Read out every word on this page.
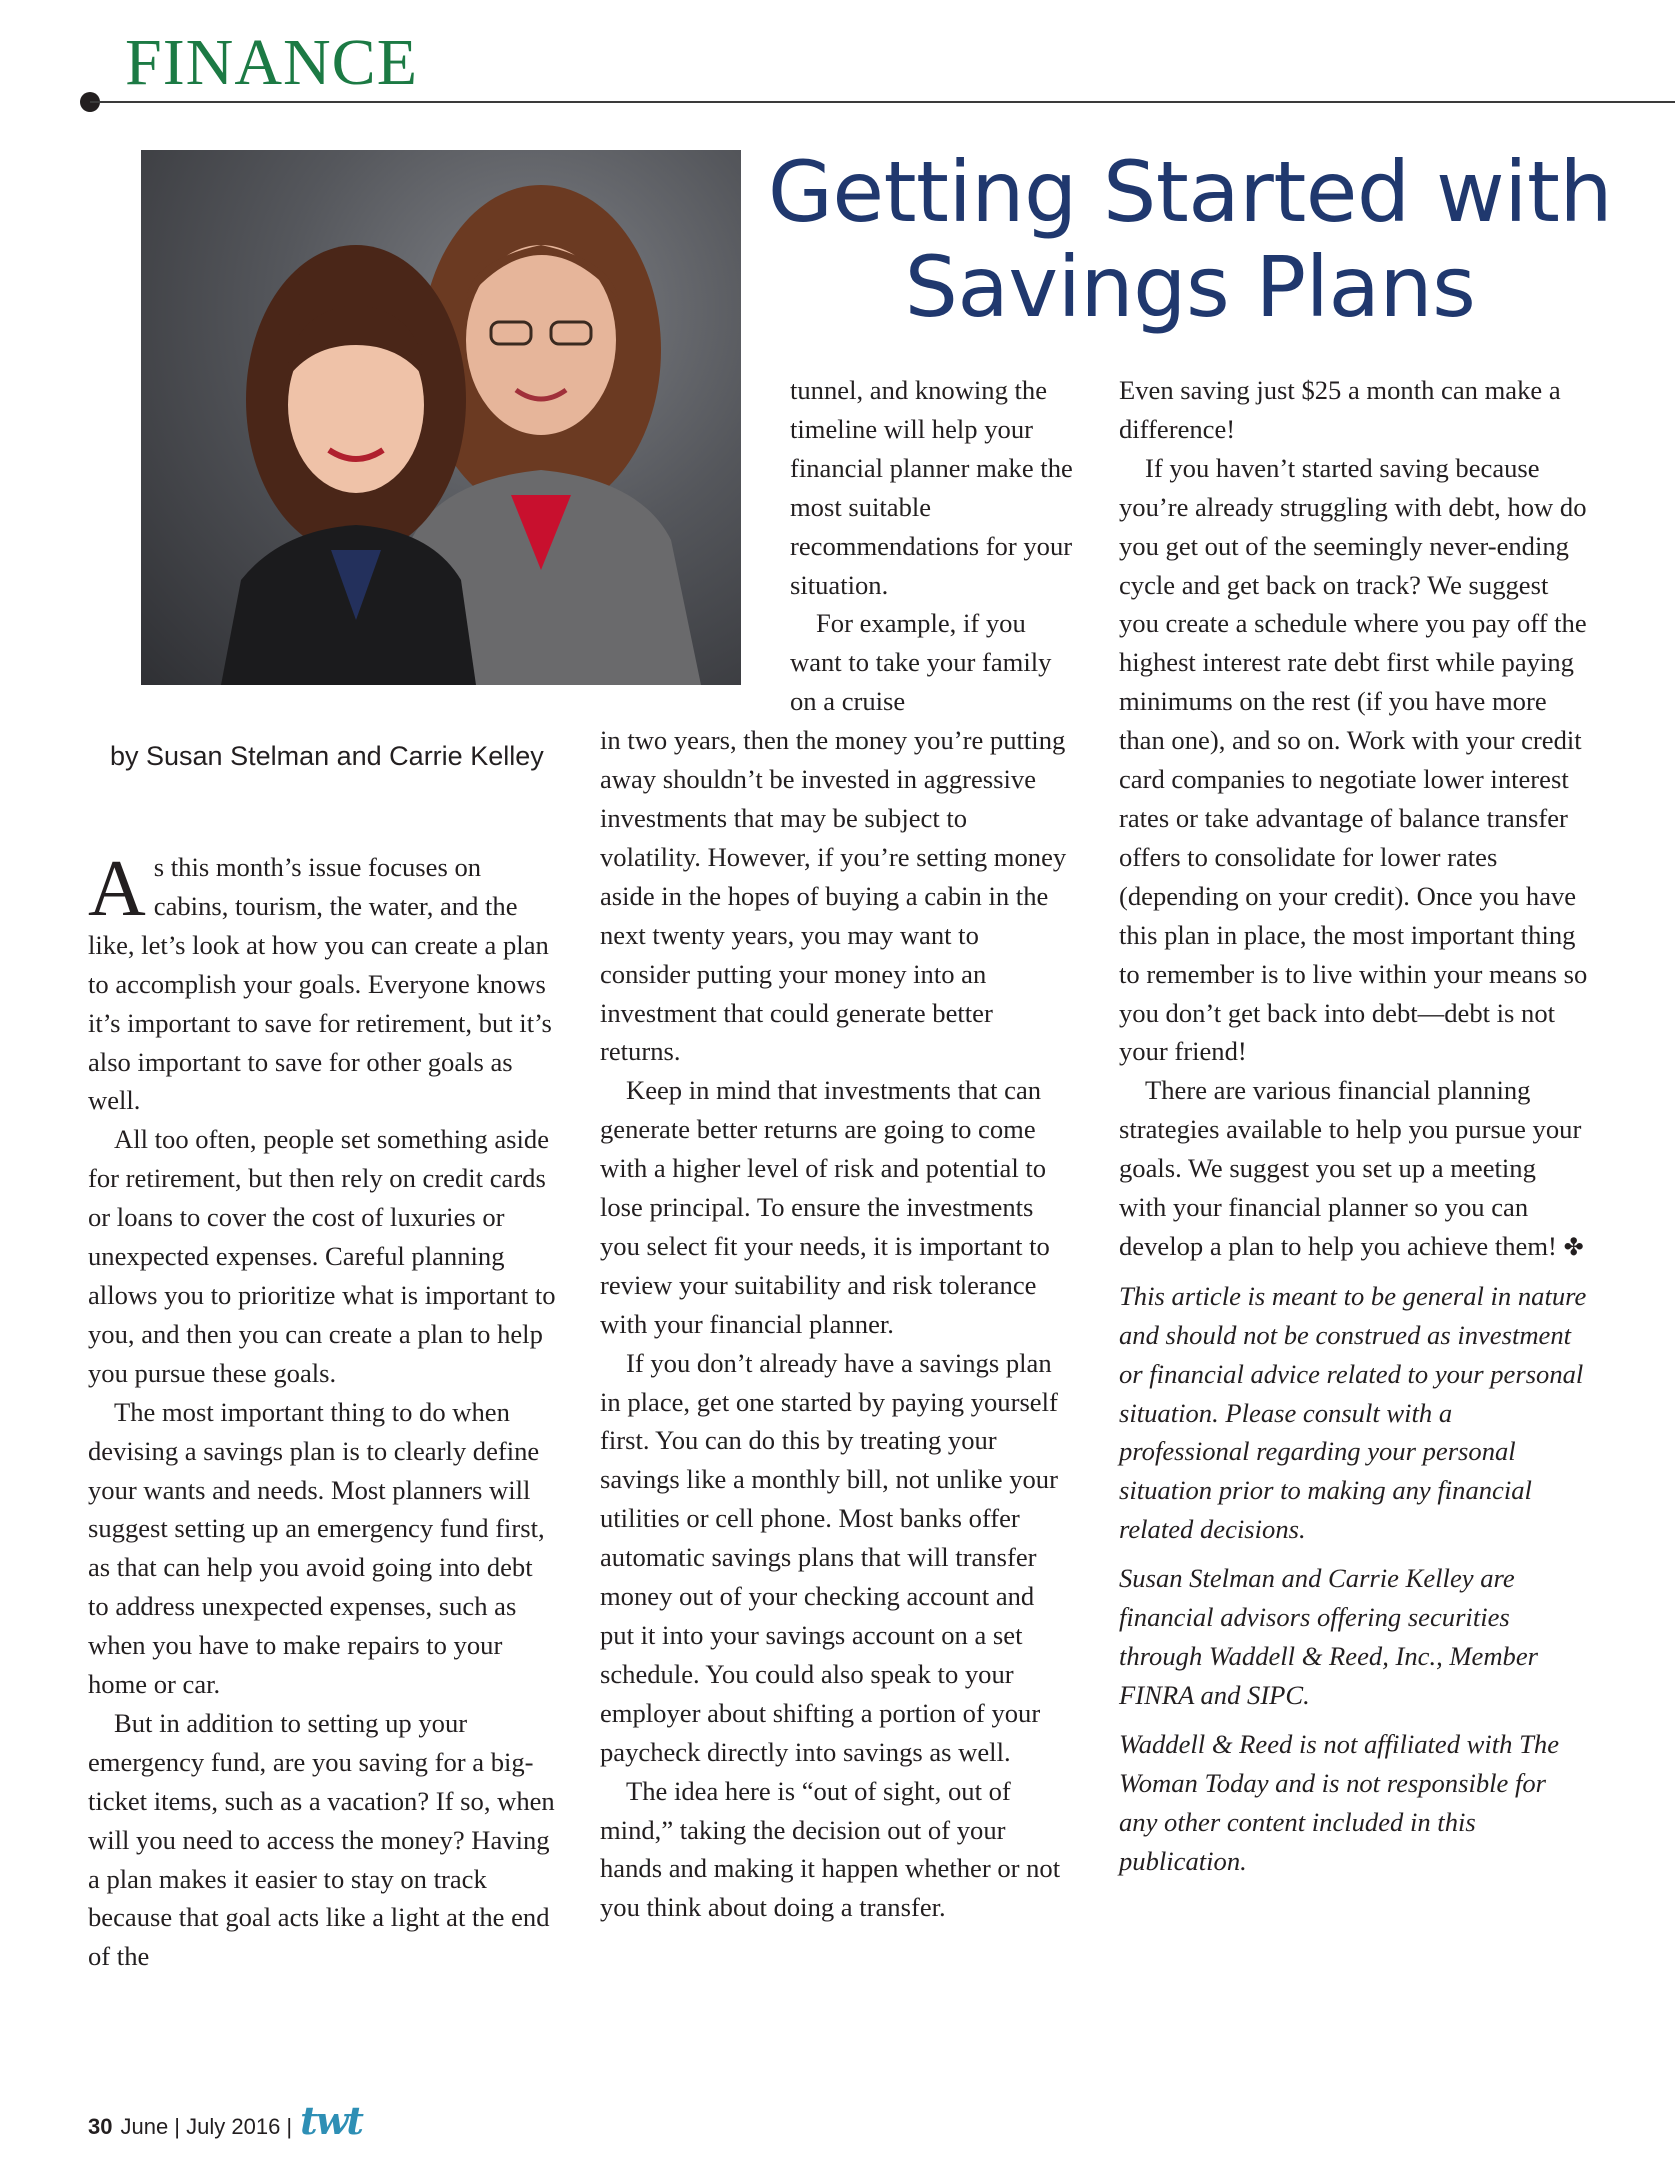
FINANCE
Getting Started with
Savings Plans
by Susan Stelman and Carrie Kelley

As this month’s issue focuses on cabins, tourism, the water, and the like, let’s look at how you can create a plan to accomplish your goals. Everyone knows it’s important to save for retirement, but it’s also important to save for other goals as well.

All too often, people set something aside for retirement, but then rely on credit cards or loans to cover the cost of luxuries or unexpected expenses. Careful planning allows you to prioritize what is important to you, and then you can create a plan to help you pursue these goals.

The most important thing to do when devising a savings plan is to clearly define your wants and needs. Most planners will suggest setting up an emergency fund first, as that can help you avoid going into debt to address unexpected expenses, such as when you have to make repairs to your home or car.

But in addition to setting up your emergency fund, are you saving for a big-ticket items, such as a vacation? If so, when will you need to access the money? Having a plan makes it easier to stay on track because that goal acts like a light at the end of the

tunnel, and knowing the timeline will help your financial planner make the most suitable recommendations for your situation.

For example, if you want to take your family on a cruise

in two years, then the money you’re putting away shouldn’t be invested in aggressive investments that may be subject to volatility. However, if you’re setting money aside in the hopes of buying a cabin in the next twenty years, you may want to consider putting your money into an investment that could generate better returns.

Keep in mind that investments that can generate better returns are going to come with a higher level of risk and potential to lose principal. To ensure the investments you select fit your needs, it is important to review your suitability and risk tolerance with your financial planner.

If you don’t already have a savings plan in place, get one started by paying yourself first. You can do this by treating your savings like a monthly bill, not unlike your utilities or cell phone. Most banks offer automatic savings plans that will transfer money out of your checking account and put it into your savings account on a set schedule. You could also speak to your employer about shifting a portion of your paycheck directly into savings as well.

The idea here is “out of sight, out of mind,” taking the decision out of your hands and making it happen whether or not you think about doing a transfer.

Even saving just $25 a month can make a difference!

If you haven’t started saving because you’re already struggling with debt, how do you get out of the seemingly never-ending cycle and get back on track? We suggest you create a schedule where you pay off the highest interest rate debt first while paying minimums on the rest (if you have more than one), and so on. Work with your credit card companies to negotiate lower interest rates or take advantage of balance transfer offers to consolidate for lower rates (depending on your credit). Once you have this plan in place, the most important thing to remember is to live within your means so you don’t get back into debt—debt is not your friend!

There are various financial planning strategies available to help you pursue your goals. We suggest you set up a meeting with your financial planner so you can develop a plan to help you achieve them! ✤

This article is meant to be general in nature and should not be construed as investment or financial advice related to your personal situation. Please consult with a professional regarding your personal situation prior to making any financial related decisions.

Susan Stelman and Carrie Kelley are financial advisors offering securities through Waddell & Reed, Inc., Member FINRA and SIPC.

Waddell & Reed is not affiliated with The Woman Today and is not responsible for any other content included in this publication.

30 June | July 2016 | twt
